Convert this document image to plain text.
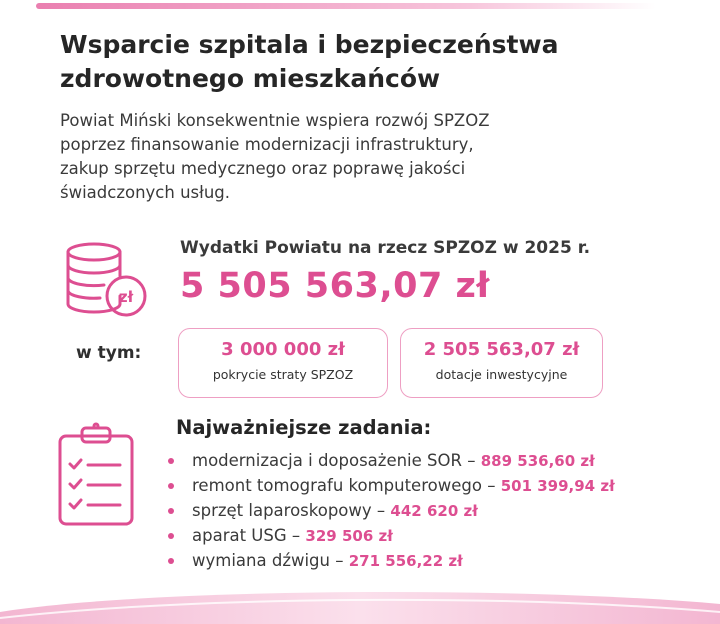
Wsparcie szpitala i bezpieczeństwa zdrowotnego mieszkańców

Powiat Miński konsekwentnie wspiera rozwój SPZOZ
poprzez finansowanie modernizacji infrastruktury,
zakup sprzętu medycznego oraz poprawę jakości
świadczonych usług.

zł
Wydatki Powiatu na rzecz SPZOZ w 2025 r.
5 505 563,07 zł
w tym:	3 000 000 zł
pokrycie straty SPZOZ
2 505 563,07 zł
dotacje inwestycyjne
Najważniejsze zadania:
modernizacja i doposażenie SOR – 889 536,60 zł
remont tomografu komputerowego – 501 399,94 zł
sprzęt laparoskopowy – 442 620 zł
aparat USG – 329 506 zł
wymiana dźwigu – 271 556,22 zł
